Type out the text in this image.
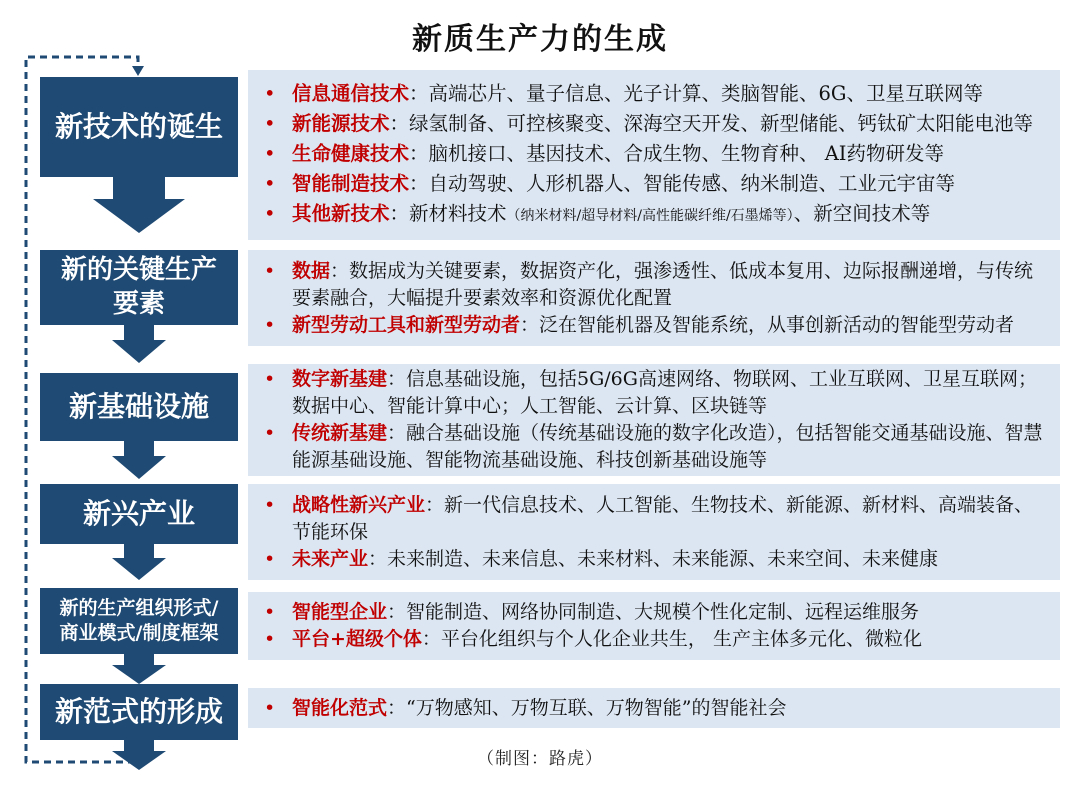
新质生产力的生成
新技术的诞生
• 信息通信技术：高端芯片、量子信息、光子计算、类脑智能、6G、卫星互联网等
• 新能源技术：绿氢制备、可控核聚变、深海空天开发、新型储能、钙钛矿太阳能电池等
• 生命健康技术：脑机接口、基因技术、合成生物、生物育种、 AI药物研发等
• 智能制造技术：自动驾驶、人形机器人、智能传感、纳米制造、工业元宇宙等
• 其他新技术：新材料技术（纳米材料/超导材料/高性能碳纤维/石墨烯等）、新空间技术等
新的关键生产
要素
• 数据：数据成为关键要素，数据资产化，强渗透性、低成本复用、边际报酬递增，与传统要素融合，大幅提升要素效率和资源优化配置
• 新型劳动工具和新型劳动者：泛在智能机器及智能系统，从事创新活动的智能型劳动者
新基础设施
• 数字新基建：信息基础设施，包括5G/6G高速网络、物联网、工业互联网、卫星互联网；数据中心、智能计算中心；人工智能、云计算、区块链等
• 传统新基建：融合基础设施（传统基础设施的数字化改造），包括智能交通基础设施、智慧能源基础设施、智能物流基础设施、科技创新基础设施等
新兴产业	• 战略性新兴产业：新一代信息技术、人工智能、生物技术、新能源、新材料、高端装备、节能环保
• 未来产业：未来制造、未来信息、未来材料、未来能源、未来空间、未来健康
新的生产组织形式/
商业模式/制度框架
• 智能型企业：智能制造、网络协同制造、大规模个性化定制、远程运维服务
• 平台+超级个体：平台化组织与个人化企业共生， 生产主体多元化、微粒化
新范式的形成 • 智能化范式：“万物感知、万物互联、万物智能”的智能社会
（制图：路虎）
